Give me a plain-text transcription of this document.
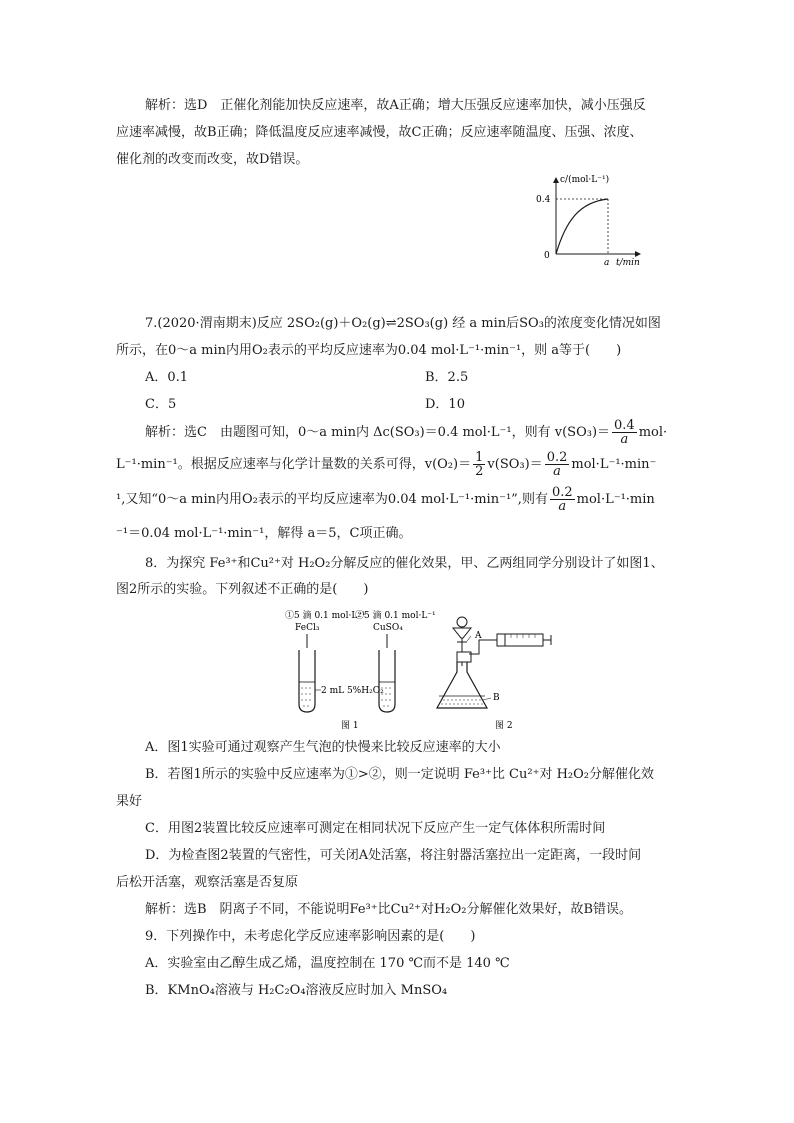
解析：选D　正催化剂能加快反应速率，故A正确；增大压强反应速率加快，减小压强反
应速率减慢，故B正确；降低温度反应速率减慢，故C正确；反应速率随温度、压强、浓度、
催化剂的改变而改变，故D错误。
c/(mol·L⁻¹)
0.4
0
a t/min
7.(2020·渭南期末)反应 2SO₂(g)＋O₂(g)⇌2SO₃(g) 经 a min后SO₃的浓度变化情况如图
所示，在0～a min内用O₂表示的平均反应速率为0.04 mol·L⁻¹·min⁻¹，则 a等于(　　)
A．0.1	B．2.5
C．5	D．10
解析：选C　由题图可知，0～a min内 Δc(SO₃)＝0.4 mol·L⁻¹，则有 $v(SO_3)= \frac{0.4}{a} mol\cdot$
L⁻¹·min⁻¹。根据反应速率与化学计量数的关系可得，$v(O_2)= \frac{1}{2} v(SO_3)= \frac{0.2}{a} mol\cdot L^{-1}\cdot\min^-$
¹,又知“0～a min内用O₂表示的平均反应速率为0.04 mol·L⁻¹·min⁻¹”,则有 $\frac{0.2}{a} mol\cdot L^{-1}\cdot\min$
⁻¹＝0.04 mol·L⁻¹·min⁻¹，解得 a＝5，C项正确。
8．为探究 Fe³⁺和Cu²⁺对 H₂O₂分解反应的催化效果，甲、乙两组同学分别设计了如图1、
图2所示的实验。下列叙述不正确的是(　　)
①5 滴 0.1 mol·L⁻¹
FeCl₃
②5 滴 0.1 mol·L⁻¹
CuSO₄
2 mL 5%H₂O₂
图 1
A
B
图 2
A．图1实验可通过观察产生气泡的快慢来比较反应速率的大小
B．若图1所示的实验中反应速率为①>②，则一定说明 Fe³⁺比 Cu²⁺对 H₂O₂分解催化效
果好
C．用图2装置比较反应速率可测定在相同状况下反应产生一定气体体积所需时间
D．为检查图2装置的气密性，可关闭A处活塞，将注射器活塞拉出一定距离，一段时间
后松开活塞，观察活塞是否复原
解析：选B　阴离子不同，不能说明Fe³⁺比Cu²⁺对H₂O₂分解催化效果好，故B错误。
9．下列操作中，未考虑化学反应速率影响因素的是(　　)
A．实验室由乙醇生成乙烯，温度控制在 170 ℃而不是 140 ℃
B．KMnO₄溶液与 H₂C₂O₄溶液反应时加入 MnSO₄
